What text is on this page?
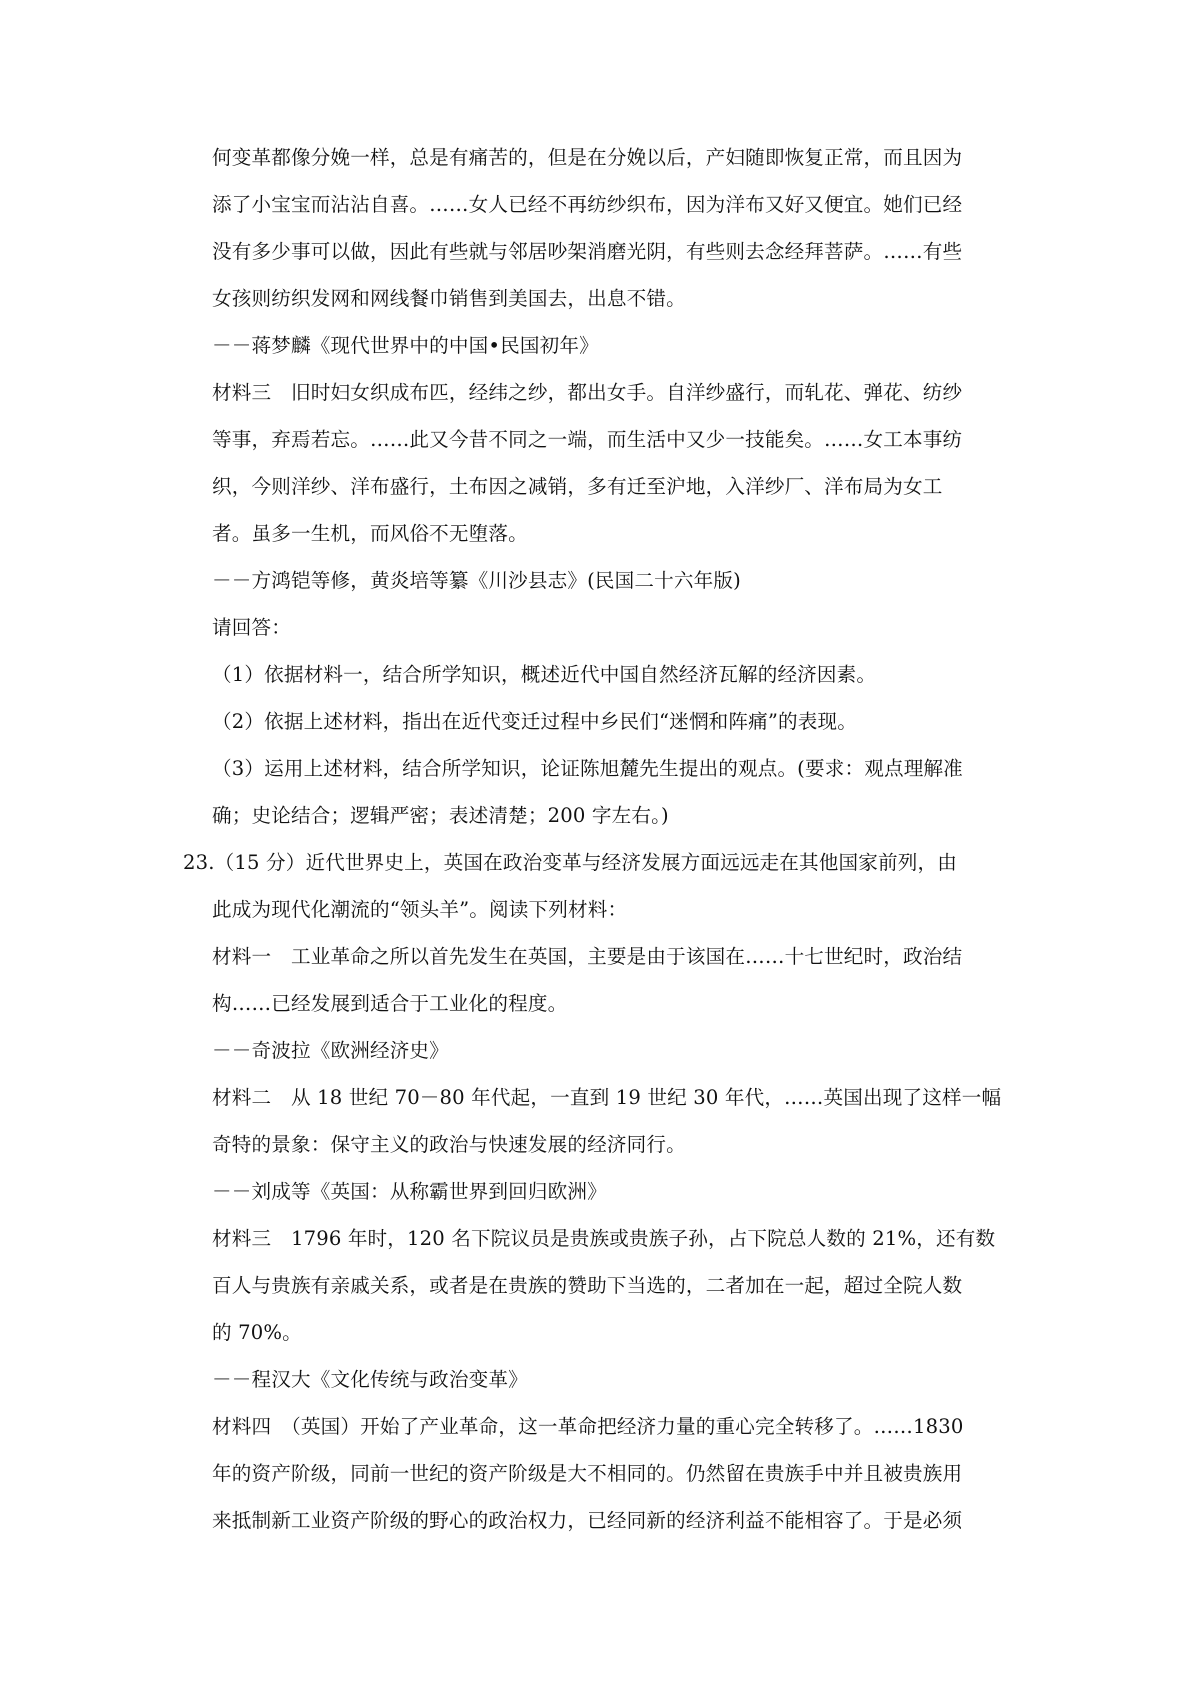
何变革都像分娩一样，总是有痛苦的，但是在分娩以后，产妇随即恢复正常，而且因为
添了小宝宝而沾沾自喜。……女人已经不再纺纱织布，因为洋布又好又便宜。她们已经
没有多少事可以做，因此有些就与邻居吵架消磨光阴，有些则去念经拜菩萨。……有些
女孩则纺织发网和网线餐巾销售到美国去，出息不错。
－－蒋梦麟《现代世界中的中国•民国初年》
材料三　旧时妇女织成布匹，经纬之纱，都出女手。自洋纱盛行，而轧花、弹花、纺纱
等事，弃焉若忘。……此又今昔不同之一端，而生活中又少一技能矣。……女工本事纺
织，今则洋纱、洋布盛行，土布因之减销，多有迁至沪地，入洋纱厂、洋布局为女工
者。虽多一生机，而风俗不无堕落。
－－方鸿铠等修，黄炎培等纂《川沙县志》(民国二十六年版)
请回答：
（1）依据材料一，结合所学知识，概述近代中国自然经济瓦解的经济因素。
（2）依据上述材料，指出在近代变迁过程中乡民们“迷惘和阵痛”的表现。
（3）运用上述材料，结合所学知识，论证陈旭麓先生提出的观点。(要求：观点理解准
确；史论结合；逻辑严密；表述清楚；200 字左右。)
23.（15 分）近代世界史上，英国在政治变革与经济发展方面远远走在其他国家前列，由
此成为现代化潮流的“领头羊”。阅读下列材料：
材料一　工业革命之所以首先发生在英国，主要是由于该国在……十七世纪时，政治结
构……已经发展到适合于工业化的程度。
－－奇波拉《欧洲经济史》
材料二　从 18 世纪 70－80 年代起，一直到 19 世纪 30 年代，……英国出现了这样一幅
奇特的景象：保守主义的政治与快速发展的经济同行。
－－刘成等《英国：从称霸世界到回归欧洲》
材料三　1796 年时，120 名下院议员是贵族或贵族子孙，占下院总人数的 21%，还有数
百人与贵族有亲戚关系，或者是在贵族的赞助下当选的，二者加在一起，超过全院人数
的 70%。
－－程汉大《文化传统与政治变革》
材料四　（英国）开始了产业革命，这一革命把经济力量的重心完全转移了。……1830
年的资产阶级，同前一世纪的资产阶级是大不相同的。仍然留在贵族手中并且被贵族用
来抵制新工业资产阶级的野心的政治权力，已经同新的经济利益不能相容了。于是必须
